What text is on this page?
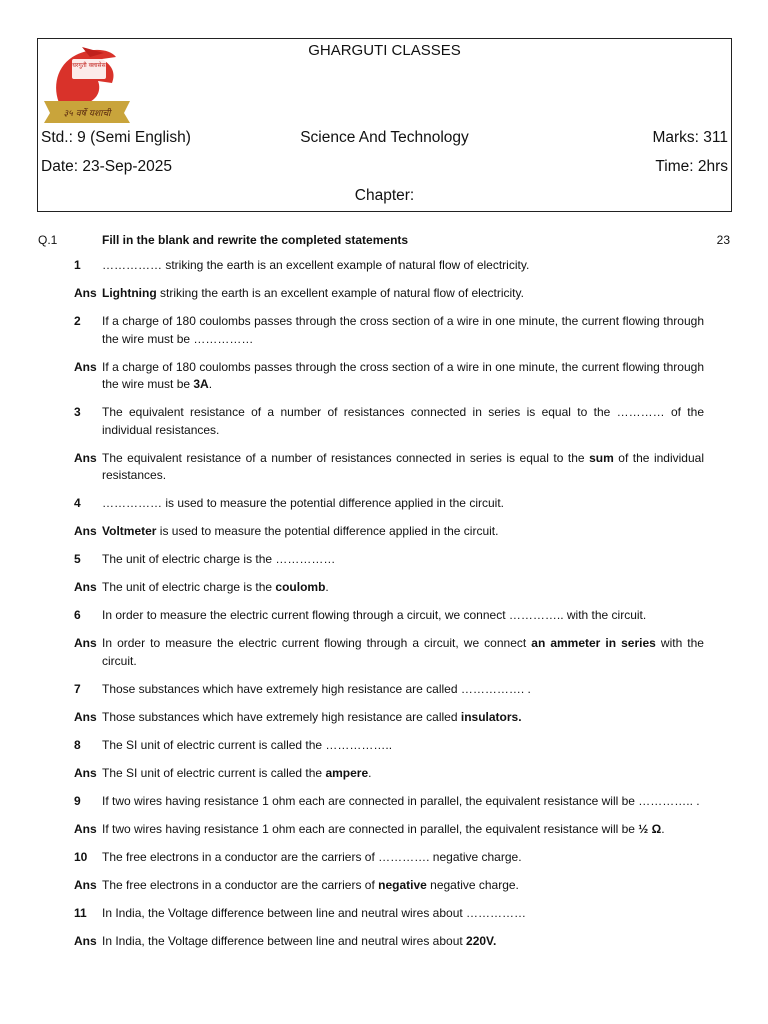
घरगुती क्लासेस
३५ वर्षे यशाची
GHARGUTI CLASSES
Std.: 9 (Semi English)	Science And Technology	Marks: 311
Date: 23-Sep-2025	Time: 2hrs
Chapter:
Q.1	Fill in the blank and rewrite the completed statements	23
1 …………… striking the earth is an excellent example of natural flow of electricity.
Ans Lightning striking the earth is an excellent example of natural flow of electricity.
2 If a charge of 180 coulombs passes through the cross section of a wire in one minute, the current flowing through the wire must be ……………
Ans If a charge of 180 coulombs passes through the cross section of a wire in one minute, the current flowing through the wire must be 3A.
3 The equivalent resistance of a number of resistances connected in series is equal to the ………… of the individual resistances.
Ans The equivalent resistance of a number of resistances connected in series is equal to the sum of the individual resistances.
4 …………… is used to measure the potential difference applied in the circuit.
Ans Voltmeter is used to measure the potential difference applied in the circuit.
5 The unit of electric charge is the ……………
Ans The unit of electric charge is the coulomb.
6 In order to measure the electric current flowing through a circuit, we connect ………….. with the circuit.
Ans In order to measure the electric current flowing through a circuit, we connect an ammeter in series with the circuit.
7 Those substances which have extremely high resistance are called ……………. .
Ans Those substances which have extremely high resistance are called insulators.
8 The SI unit of electric current is called the ……………..
Ans The SI unit of electric current is called the ampere.
9 If two wires having resistance 1 ohm each are connected in parallel, the equivalent resistance will be ………….. .
Ans If two wires having resistance 1 ohm each are connected in parallel, the equivalent resistance will be ½ Ω.
10 The free electrons in a conductor are the carriers of …………. negative charge.
Ans The free electrons in a conductor are the carriers of negative negative charge.
11 In India, the Voltage difference between line and neutral wires about ……………
Ans In India, the Voltage difference between line and neutral wires about 220V.
